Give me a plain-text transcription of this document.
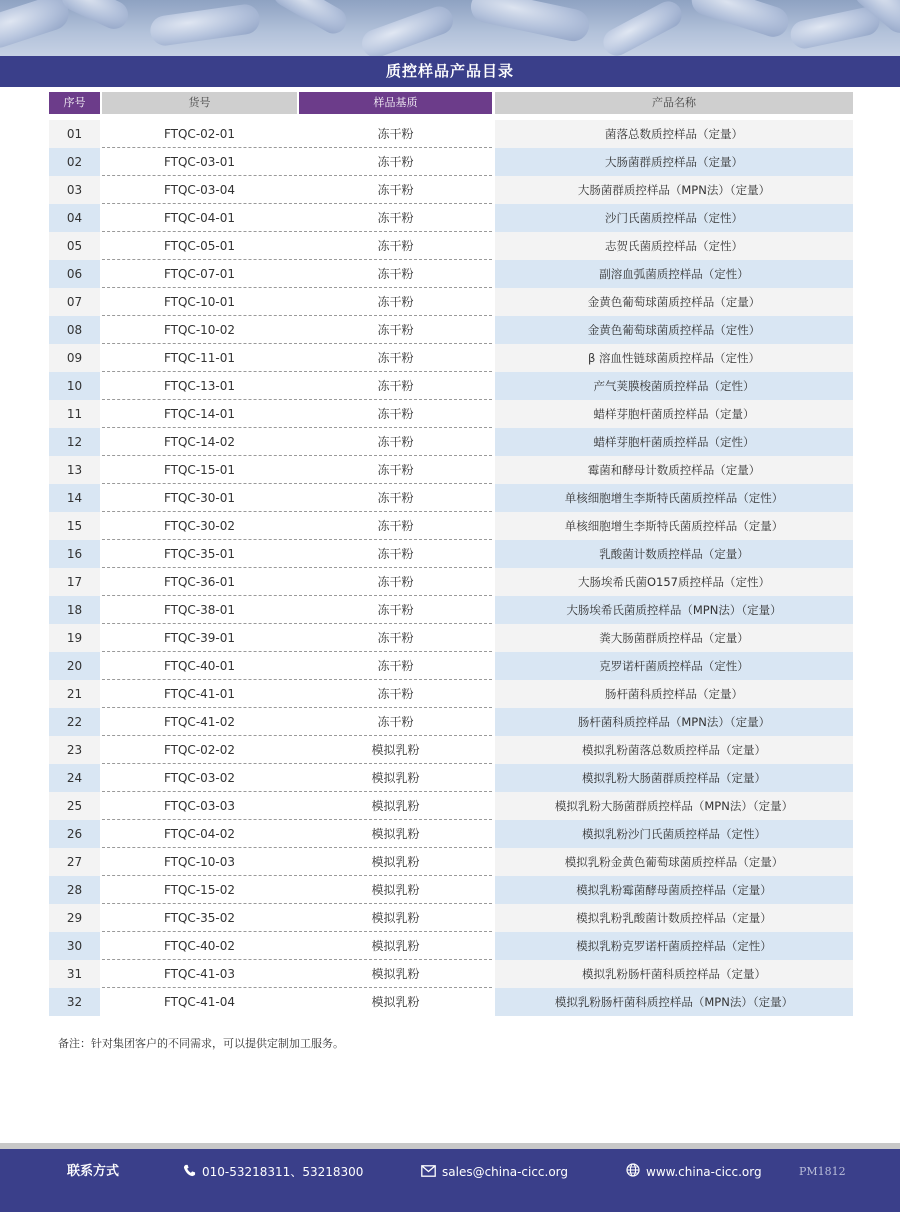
质控样品产品目录
序号	货号	样品基质	产品名称
01	FTQC-02-01	冻干粉	菌落总数质控样品（定量）
02	FTQC-03-01	冻干粉	大肠菌群质控样品（定量）
03	FTQC-03-04	冻干粉	大肠菌群质控样品（MPN法）（定量）
04	FTQC-04-01	冻干粉	沙门氏菌质控样品（定性）
05	FTQC-05-01	冻干粉	志贺氏菌质控样品（定性）
06	FTQC-07-01	冻干粉	副溶血弧菌质控样品（定性）
07	FTQC-10-01	冻干粉	金黄色葡萄球菌质控样品（定量）
08	FTQC-10-02	冻干粉	金黄色葡萄球菌质控样品（定性）
09	FTQC-11-01	冻干粉	β 溶血性链球菌质控样品（定性）
10	FTQC-13-01	冻干粉	产气荚膜梭菌质控样品（定性）
11	FTQC-14-01	冻干粉	蜡样芽胞杆菌质控样品（定量）
12	FTQC-14-02	冻干粉	蜡样芽胞杆菌质控样品（定性）
13	FTQC-15-01	冻干粉	霉菌和酵母计数质控样品（定量）
14	FTQC-30-01	冻干粉	单核细胞增生李斯特氏菌质控样品（定性）
15	FTQC-30-02	冻干粉	单核细胞增生李斯特氏菌质控样品（定量）
16	FTQC-35-01	冻干粉	乳酸菌计数质控样品（定量）
17	FTQC-36-01	冻干粉	大肠埃希氏菌O157质控样品（定性）
18	FTQC-38-01	冻干粉	大肠埃希氏菌质控样品（MPN法）（定量）
19	FTQC-39-01	冻干粉	粪大肠菌群质控样品（定量）
20	FTQC-40-01	冻干粉	克罗诺杆菌质控样品（定性）
21	FTQC-41-01	冻干粉	肠杆菌科质控样品（定量）
22	FTQC-41-02	冻干粉	肠杆菌科质控样品（MPN法）（定量）
23	FTQC-02-02	模拟乳粉	模拟乳粉菌落总数质控样品（定量）
24	FTQC-03-02	模拟乳粉	模拟乳粉大肠菌群质控样品（定量）
25	FTQC-03-03	模拟乳粉	模拟乳粉大肠菌群质控样品（MPN法）（定量）
26	FTQC-04-02	模拟乳粉	模拟乳粉沙门氏菌质控样品（定性）
27	FTQC-10-03	模拟乳粉	模拟乳粉金黄色葡萄球菌质控样品（定量）
28	FTQC-15-02	模拟乳粉	模拟乳粉霉菌酵母菌质控样品（定量）
29	FTQC-35-02	模拟乳粉	模拟乳粉乳酸菌计数质控样品（定量）
30	FTQC-40-02	模拟乳粉	模拟乳粉克罗诺杆菌质控样品（定性）
31	FTQC-41-03	模拟乳粉	模拟乳粉肠杆菌科质控样品（定量）
32	FTQC-41-04	模拟乳粉	模拟乳粉肠杆菌科质控样品（MPN法）（定量）
备注：针对集团客户的不同需求，可以提供定制加工服务。
联系方式	010-53218311、53218300	sales@china-cicc.org	www.china-cicc.org	PM1812
